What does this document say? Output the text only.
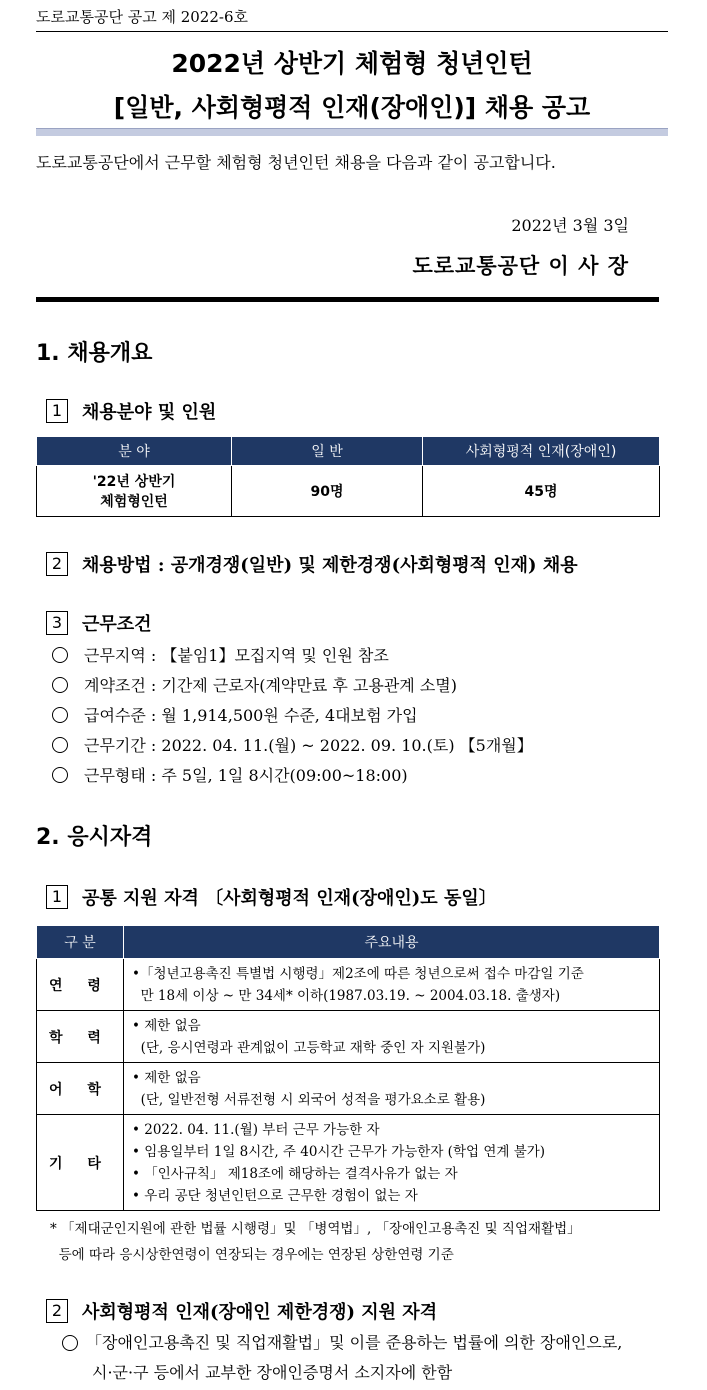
도로교통공단 공고 제 2022-6호
2022년 상반기 체험형 청년인턴
[일반, 사회형평적 인재(장애인)] 채용 공고
도로교통공단에서 근무할 체험형 청년인턴 채용을 다음과 같이 공고합니다.
2022년 3월 3일
도로교통공단 이 사 장
1. 채용개요
1	채용분야 및 인원
분 야	일 반	사회형평적 인재(장애인)

'22년 상반기
체험형인턴	90명	45명
2	채용방법 : 공개경쟁(일반) 및 제한경쟁(사회형평적 인재) 채용
3	근무조건
근무지역 : 【붙임1】모집지역 및 인원 참조
계약조건 : 기간제 근로자(계약만료 후 고용관계 소멸)
급여수준 : 월 1,914,500원 수준, 4대보험 가입
근무기간 : 2022. 04. 11.(월) ~ 2022. 09. 10.(토) 【5개월】
근무형태 : 주 5일, 1일 8시간(09:00~18:00)
2. 응시자격
1	공통 지원 자격 〔사회형평적 인재(장애인)도 동일〕
구 분	주요내용
연 령	•「청년고용촉진 특별법 시행령」제2조에 따른 청년으로써 접수 마감일 기준
만 18세 이상 ~ 만 34세* 이하(1987.03.19. ~ 2004.03.18. 출생자)

학 력	• 제한 없음
(단, 응시연령과 관계없이 고등학교 재학 중인 자 지원불가)

어 학	• 제한 없음
(단, 일반전형 서류전형 시 외국어 성적을 평가요소로 활용)

기 타	• 2022. 04. 11.(월) 부터 근무 가능한 자
• 임용일부터 1일 8시간, 주 40시간 근무가 가능한자 (학업 연계 불가)
• 「인사규칙」 제18조에 해당하는 결격사유가 없는 자
• 우리 공단 청년인턴으로 근무한 경험이 없는 자
* 「제대군인지원에 관한 법률 시행령」및 「병역법」, 「장애인고용촉진 및 직업재활법」
등에 따라 응시상한연령이 연장되는 경우에는 연장된 상한연령 기준
2	사회형평적 인재(장애인 제한경쟁) 지원 자격
「장애인고용촉진 및 직업재활법」및 이를 준용하는 법률에 의한 장애인으로,
시·군·구 등에서 교부한 장애인증명서 소지자에 한함
